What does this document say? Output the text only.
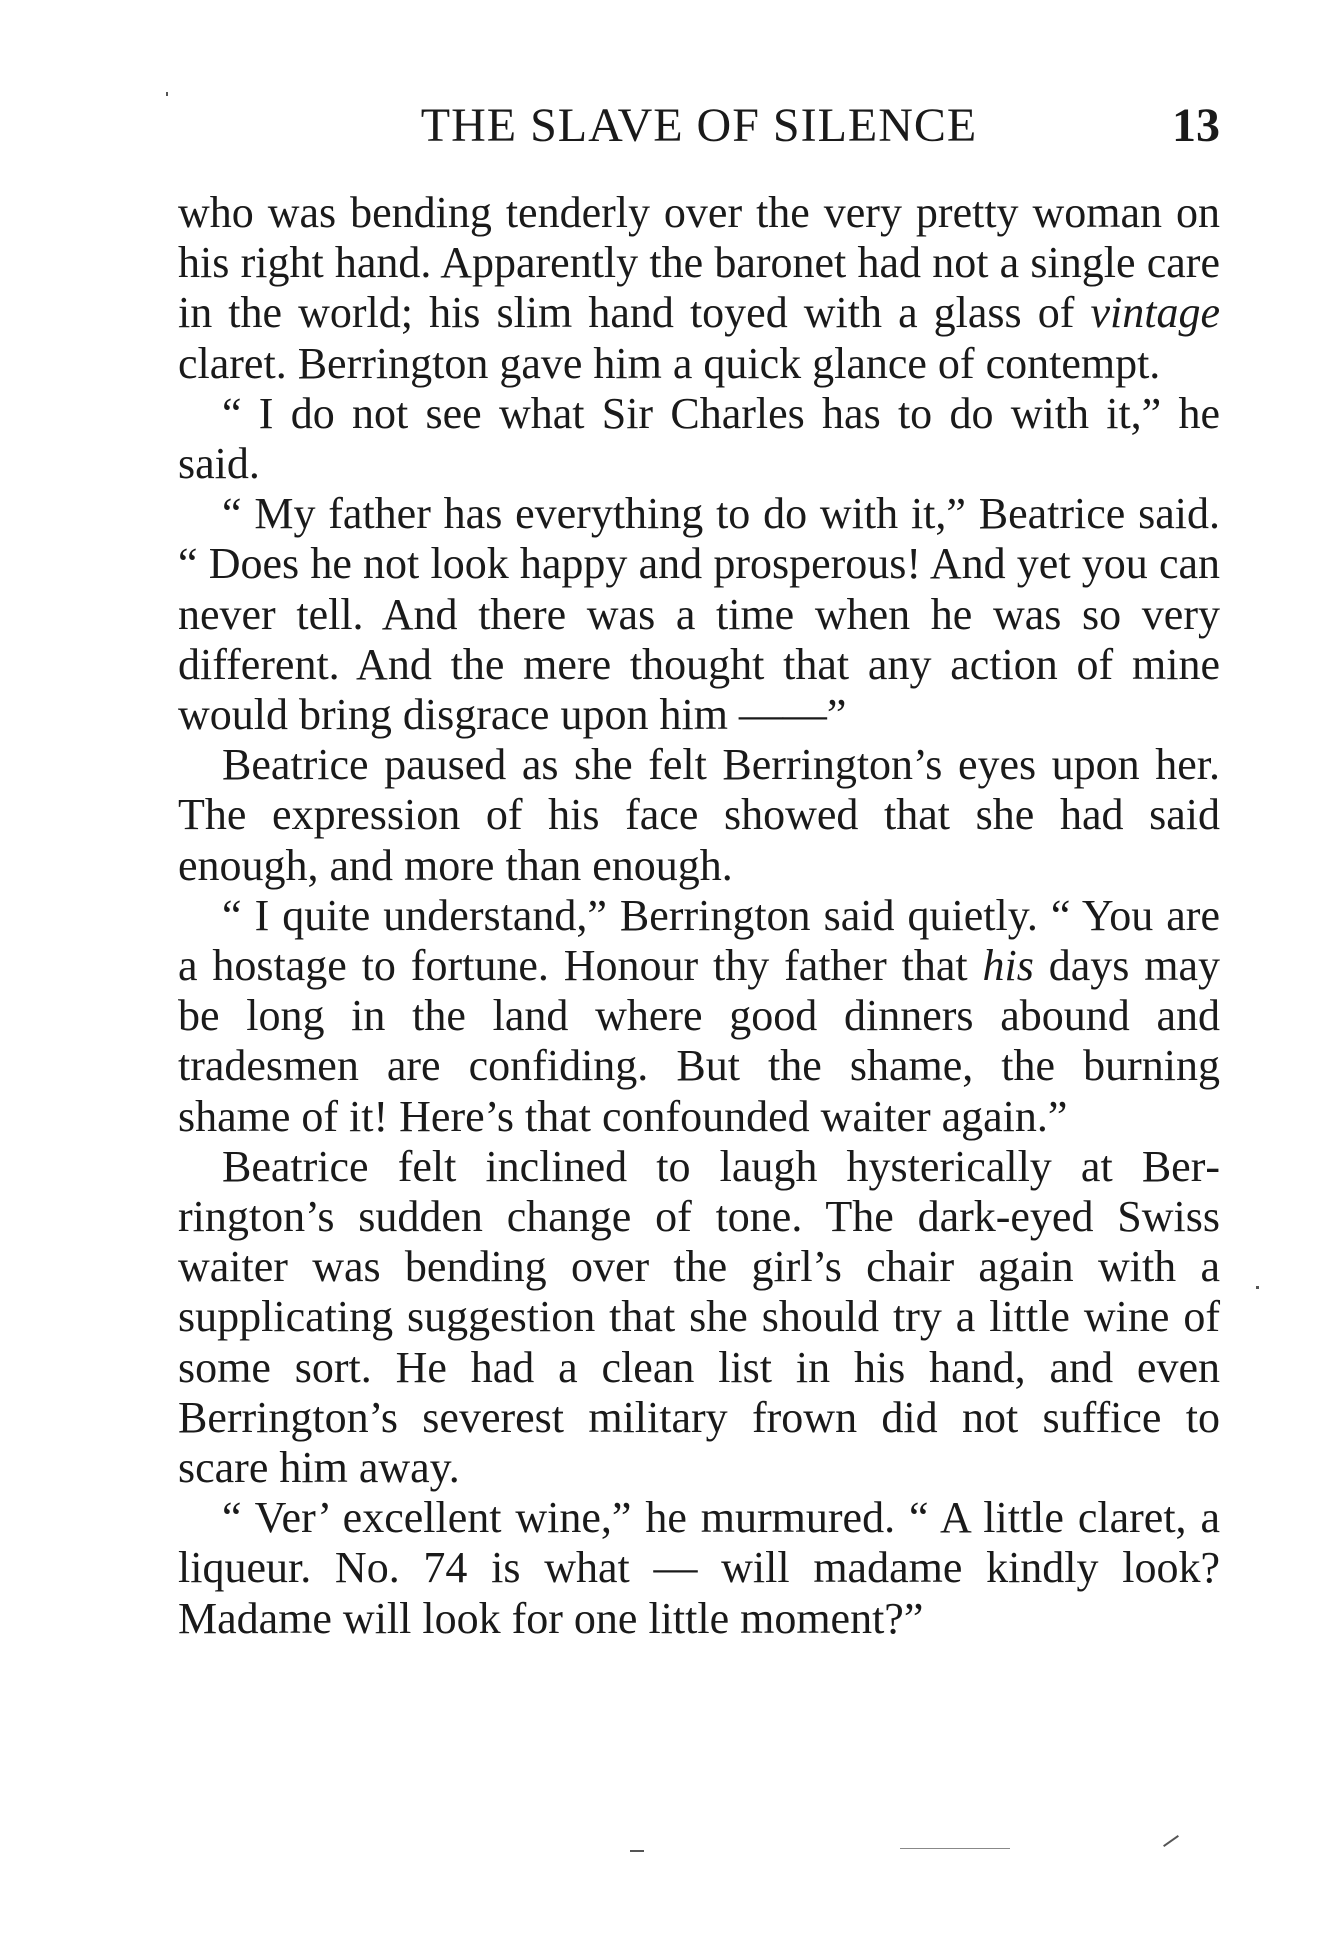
THE SLAVE OF SILENCE	13

who was bending tenderly over the very pretty woman on his right hand. Apparently the baronet had not a single care in the world; his slim hand toyed with a glass of vintage claret. Berrington gave him a quick glance of contempt.

“ I do not see what Sir Charles has to do with it,” he said.

“ My father has everything to do with it,” Beatrice said. “ Does he not look happy and prosperous! And yet you can never tell. And there was a time when he was so very different. And the mere thought that any action of mine would bring disgrace upon him ——”

Beatrice paused as she felt Berrington’s eyes upon her. The expression of his face showed that she had said enough, and more than enough.

“ I quite understand,” Berrington said quietly. “ You are a hostage to fortune. Honour thy father that his days may be long in the land where good dinners abound and tradesmen are confiding. But the shame, the burning shame of it! Here’s that confounded waiter again.”

Beatrice felt inclined to laugh hysterically at Berrington’s sudden change of tone. The dark-eyed Swiss waiter was bending over the girl’s chair again with a supplicating suggestion that she should try a little wine of some sort. He had a clean list in his hand, and even Berrington’s severest military frown did not suffice to scare him away.

“ Ver’ excellent wine,” he murmured. “ A little claret, a liqueur. No. 74 is what — will madame kindly look? Madame will look for one little moment?”
